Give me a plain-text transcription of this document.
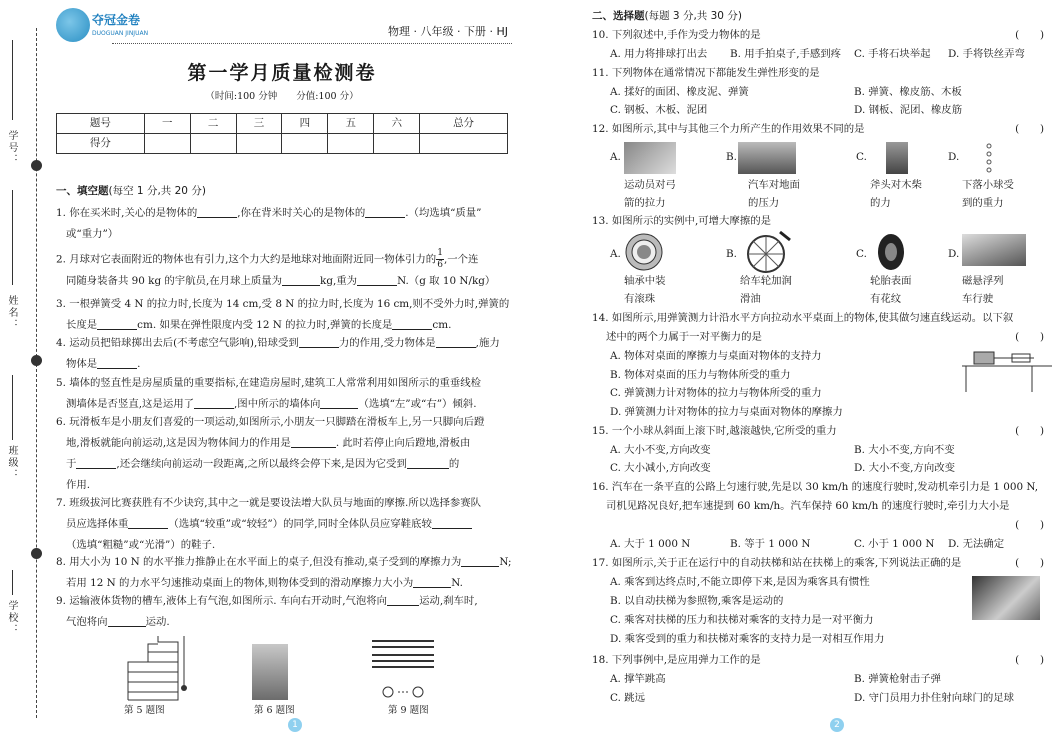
学号：
姓名：
班级：
学校：
夺冠金卷
DUOGUAN JINJUAN	物理 · 八年级 · 下册 · HJ
第一学月质量检测卷
（时间:100 分钟　　分值:100 分）
题号	一	二	三	四	五	六	总分
得分							
一、填空题(每空 1 分,共 20 分)
1. 你在买米时,关心的是物体的	,你在背米时关心的是物体的	.（均选填“质量”
或“重力”）
2. 月球对它表面附近的物体也有引力,这个力大约是地球对地面附近同一物体引力的 $\frac{1}{6}$,一个连
同随身装备共 90 kg 的宇航员,在月球上质量为	kg,重为	N.（g 取 10 N/kg）
3. 一根弹簧受 4 N 的拉力时,长度为 14 cm,受 8 N 的拉力时,长度为 16 cm,则不受外力时,弹簧的
长度是	cm. 如果在弹性限度内受 12 N 的拉力时,弹簧的长度是	cm.
4. 运动员把铅球掷出去后(不考虑空气影响),铅球受到	力的作用,受力物体是	,施力
物体是	.
5. 墙体的竖直性是房屋质量的重要指标,在建造房屋时,建筑工人常常利用如图所示的重垂线检
测墙体是否竖直,这是运用了	,图中所示的墙体向	（选填“左”或“右”）倾斜.
6. 玩滑板车是小朋友们喜爱的一项运动,如图所示,小朋友一只脚踏在滑板车上,另一只脚向后蹬
地,滑板就能向前运动,这是因为物体间力的作用是	. 此时若停止向后蹬地,滑板由
于	,还会继续向前运动一段距离,之所以最终会停下来,是因为它受到	的
作用.
7. 班级拔河比赛获胜有不少诀窍,其中之一就是要设法增大队员与地面的摩擦.所以选择参赛队
员应选择体重	（选填“较重”或“较轻”）的同学,同时全体队员应穿鞋底较
（选填“粗糙”或“光滑”）的鞋子.
8. 用大小为 10 N 的水平推力推静止在水平面上的桌子,但没有推动,桌子受到的摩擦力为	N;
若用 12 N 的力水平匀速推动桌面上的物体,则物体受到的滑动摩擦力大小为	N.
9. 运输液体货物的槽车,液体上有气泡,如图所示. 车向右开动时,气泡将向	运动,刹车时,
气泡将向	运动.
第 5 题图	第 6 题图	第 9 题图
1
二、选择题(每题 3 分,共 30 分)
10. 下列叙述中,手作为受力物体的是	(　　)
A. 用力将排球打出去 B. 用手拍桌子,手感到疼 C. 手将石块举起 D. 手将铁丝弄弯
11. 下列物体在通常情况下都能发生弹性形变的是
A. 揉好的面团、橡皮泥、弹簧	B. 弹簧、橡皮筋、木板
C. 钢板、木板、泥团	D. 钢板、泥团、橡皮筋
12. 如图所示,其中与其他三个力所产生的作用效果不同的是	(　　)
A.	B.	C.	D.
运动员对弓
箭的拉力
汽车对地面
的压力
斧头对木柴
的力
下落小球受
到的重力
13. 如图所示的实例中,可增大摩擦的是
A.	B.	C.	D.
轴承中装
有滚珠
给车轮加润
滑油
轮胎表面
有花纹
磁悬浮列
车行驶
14. 如图所示,用弹簧测力计沿水平方向拉动水平桌面上的物体,使其做匀速直线运动。以下叙
述中的两个力属于一对平衡力的是	(　　)
A. 物体对桌面的摩擦力与桌面对物体的支持力
B. 物体对桌面的压力与物体所受的重力
C. 弹簧测力计对物体的拉力与物体所受的重力
D. 弹簧测力计对物体的拉力与桌面对物体的摩擦力
15. 一个小球从斜面上滚下时,越滚越快,它所受的重力	(　　)
A. 大小不变,方向改变	B. 大小不变,方向不变
C. 大小减小,方向改变	D. 大小不变,方向改变
16. 汽车在一条平直的公路上匀速行驶,先是以 30 km/h 的速度行驶时,发动机牵引力是 1 000 N,
司机见路况良好,把车速提到 60 km/h。汽车保持 60 km/h 的速度行驶时,牵引力大小是
(　　)
A. 大于 1 000 N	B. 等于 1 000 N	C. 小于 1 000 N D. 无法确定
17. 如图所示,关于正在运行中的自动扶梯和站在扶梯上的乘客,下列说法正确的是	(　　)
A. 乘客到达终点时,不能立即停下来,是因为乘客具有惯性
B. 以自动扶梯为参照物,乘客是运动的
C. 乘客对扶梯的压力和扶梯对乘客的支持力是一对平衡力
D. 乘客受到的重力和扶梯对乘客的支持力是一对相互作用力
18. 下列事例中,是应用弹力工作的是	(　　)
A. 撑竿跳高	B. 弹簧枪射击子弹
C. 跳远	D. 守门员用力扑住射向球门的足球
2
